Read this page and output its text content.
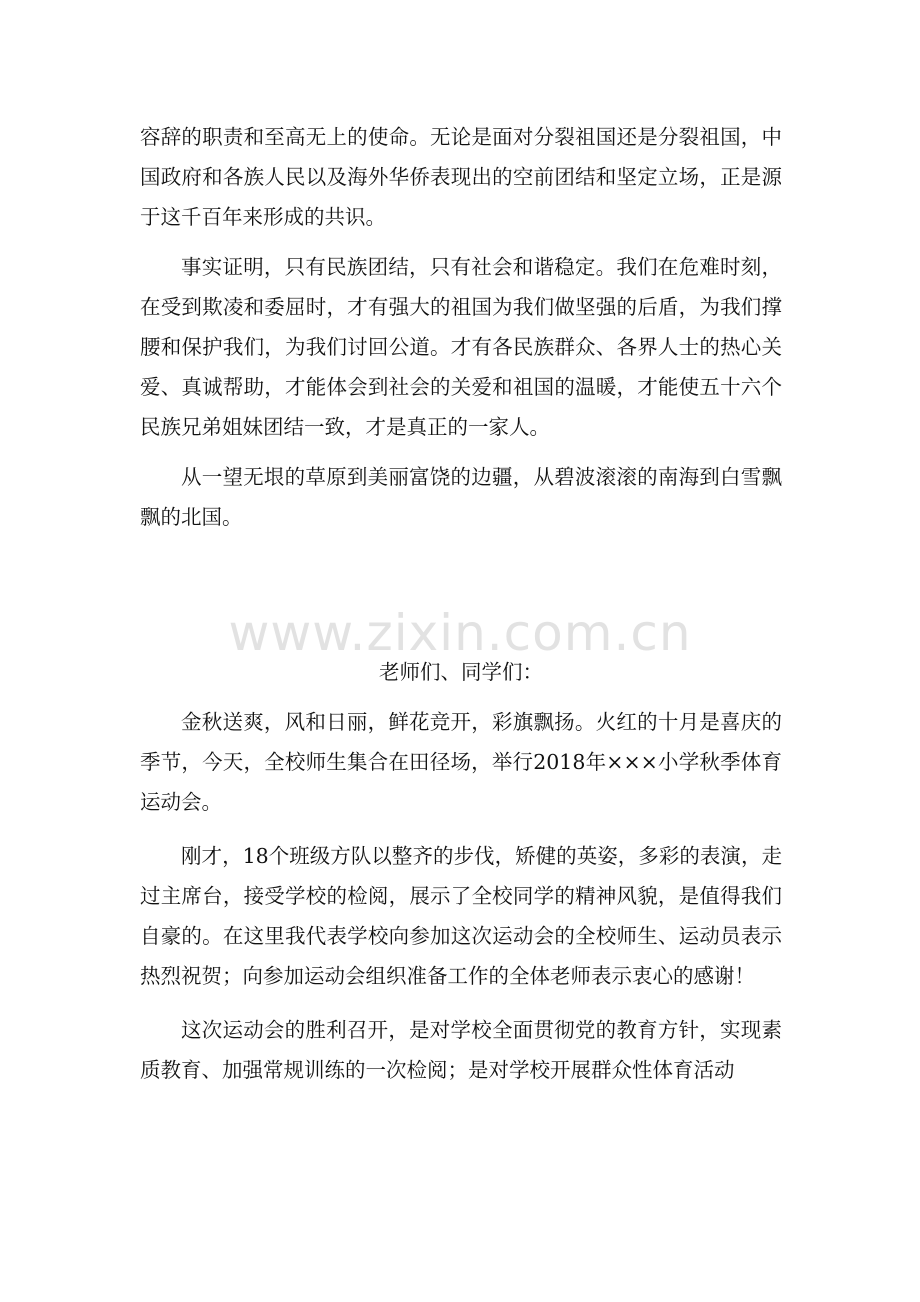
www.zixin.com.cn

容辞的职责和至高无上的使命。无论是面对分裂祖国还是分裂祖国，中国政府和各族人民以及海外华侨表现出的空前团结和坚定立场，正是源于这千百年来形成的共识。

事实证明，只有民族团结，只有社会和谐稳定。我们在危难时刻，在受到欺凌和委屈时，才有强大的祖国为我们做坚强的后盾，为我们撑腰和保护我们，为我们讨回公道。才有各民族群众、各界人士的热心关爱、真诚帮助，才能体会到社会的关爱和祖国的温暖，才能使五十六个民族兄弟姐妹团结一致，才是真正的一家人。

从一望无垠的草原到美丽富饶的边疆，从碧波滚滚的南海到白雪飘飘的北国。

老师们、同学们：

金秋送爽，风和日丽，鲜花竞开，彩旗飘扬。火红的十月是喜庆的季节，今天，全校师生集合在田径场，举行2018年×××小学秋季体育运动会。

刚才，18个班级方队以整齐的步伐，矫健的英姿，多彩的表演，走过主席台，接受学校的检阅，展示了全校同学的精神风貌，是值得我们自豪的。在这里我代表学校向参加这次运动会的全校师生、运动员表示热烈祝贺；向参加运动会组织准备工作的全体老师表示衷心的感谢！

这次运动会的胜利召开，是对学校全面贯彻党的教育方针，实现素质教育、加强常规训练的一次检阅；是对学校开展群众性体育活动
